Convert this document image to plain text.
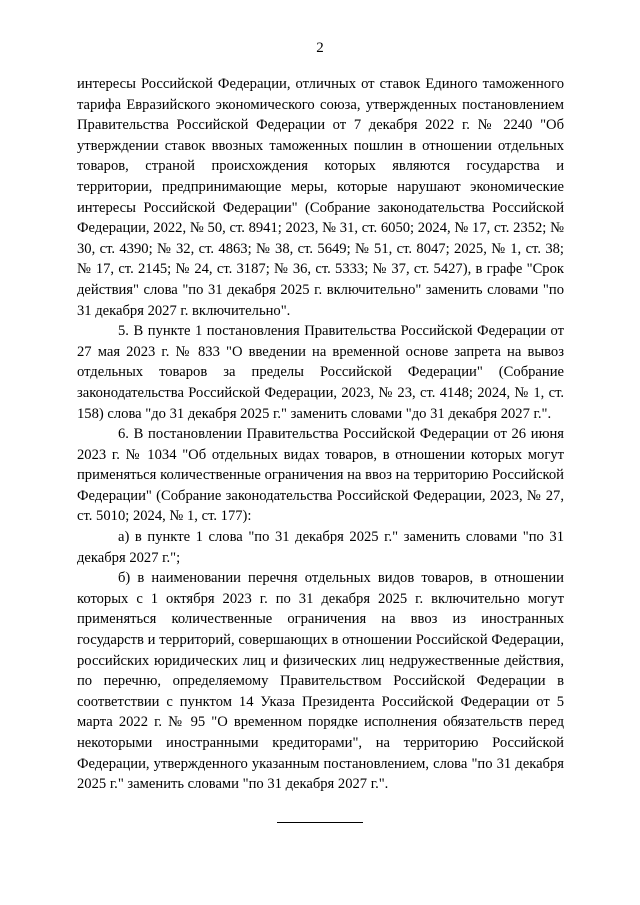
2

интересы Российской Федерации, отличных от ставок Единого таможенного тарифа Евразийского экономического союза, утвержденных постановлением Правительства Российской Федерации от 7 декабря 2022 г. № 2240 "Об утверждении ставок ввозных таможенных пошлин в отношении отдельных товаров, страной происхождения которых являются государства и территории, предпринимающие меры, которые нарушают экономические интересы Российской Федерации" (Собрание законодательства Российской Федерации, 2022, № 50, ст. 8941; 2023, № 31, ст. 6050; 2024, № 17, ст. 2352; № 30, ст. 4390; № 32, ст. 4863; № 38, ст. 5649; № 51, ст. 8047; 2025, № 1, ст. 38; № 17, ст. 2145; № 24, ст. 3187; № 36, ст. 5333; № 37, ст. 5427), в графе "Срок действия" слова "по 31 декабря 2025 г. включительно" заменить словами "по 31 декабря 2027 г. включительно".

5. В пункте 1 постановления Правительства Российской Федерации от 27 мая 2023 г. № 833 "О введении на временной основе запрета на вывоз отдельных товаров за пределы Российской Федерации" (Собрание законодательства Российской Федерации, 2023, № 23, ст. 4148; 2024, № 1, ст. 158) слова "до 31 декабря 2025 г." заменить словами "до 31 декабря 2027 г.".

6. В постановлении Правительства Российской Федерации от 26 июня 2023 г. № 1034 "Об отдельных видах товаров, в отношении которых могут применяться количественные ограничения на ввоз на территорию Российской Федерации" (Собрание законодательства Российской Федерации, 2023, № 27, ст. 5010; 2024, № 1, ст. 177):

а) в пункте 1 слова "по 31 декабря 2025 г." заменить словами "по 31 декабря 2027 г.";

б) в наименовании перечня отдельных видов товаров, в отношении которых с 1 октября 2023 г. по 31 декабря 2025 г. включительно могут применяться количественные ограничения на ввоз из иностранных государств и территорий, совершающих в отношении Российской Федерации, российских юридических лиц и физических лиц недружественные действия, по перечню, определяемому Правительством Российской Федерации в соответствии с пунктом 14 Указа Президента Российской Федерации от 5 марта 2022 г. № 95 "О временном порядке исполнения обязательств перед некоторыми иностранными кредиторами", на территорию Российской Федерации, утвержденного указанным постановлением, слова "по 31 декабря 2025 г." заменить словами "по 31 декабря 2027 г.".
